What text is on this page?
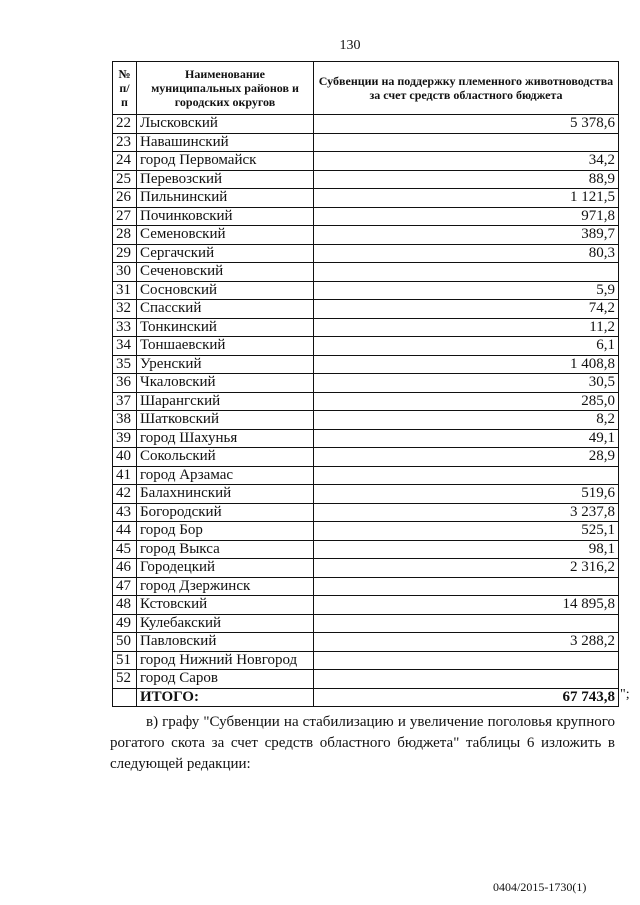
130
№ п/п	Наименование муниципальных районов и городских округов	Субвенции на поддержку племенного животноводства за счет средств областного бюджета
22	Лысковский	5 378,6
23	Навашинский	
24	город Первомайск	34,2
25	Перевозский	88,9
26	Пильнинский	1 121,5
27	Починковский	971,8
28	Семеновский	389,7
29	Сергачский	80,3
30	Сеченовский	
31	Сосновский	5,9
32	Спасский	74,2
33	Тонкинский	11,2
34	Тоншаевский	6,1
35	Уренский	1 408,8
36	Чкаловский	30,5
37	Шарангский	285,0
38	Шатковский	8,2
39	город Шахунья	49,1
40	Сокольский	28,9
41	город Арзамас	
42	Балахнинский	519,6
43	Богородский	3 237,8
44	город Бор	525,1
45	город Выкса	98,1
46	Городецкий	2 316,2
47	город Дзержинск	
48	Кстовский	14 895,8
49	Кулебакский	
50	Павловский	3 288,2
51	город Нижний Новгород	
52	город Саров	
	ИТОГО:	67 743,8 ";
в) графу "Субвенции на стабилизацию и увеличение поголовья крупного рогатого скота за счет средств областного бюджета" таблицы 6 изложить в следующей редакции:
0404/2015-1730(1)
